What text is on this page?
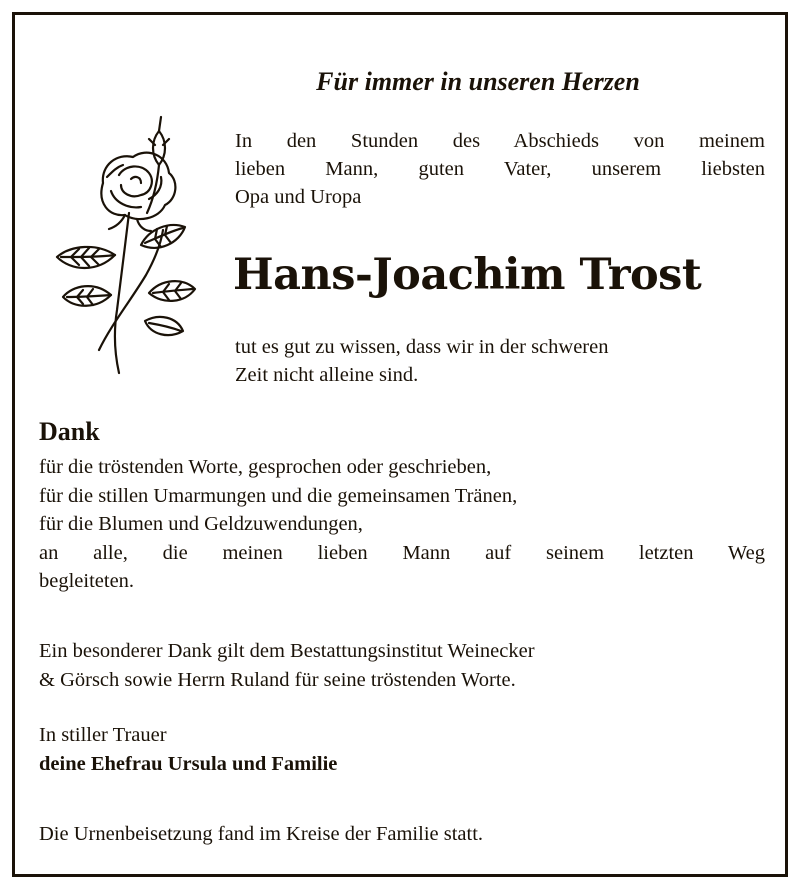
Für immer in unseren Herzen
In den Stunden des Abschieds von meinem
lieben Mann, guten Vater, unserem liebsten
Opa und Uropa
Hans-Joachim Trost
tut es gut zu wissen, dass wir in der schweren
Zeit nicht alleine sind.
Dank
für die tröstenden Worte, gesprochen oder geschrieben,
für die stillen Umarmungen und die gemeinsamen Tränen,
für die Blumen und Geldzuwendungen,
an alle, die meinen lieben Mann auf seinem letzten Weg
begleiteten.
Ein besonderer Dank gilt dem Bestattungsinstitut Weinecker
& Görsch sowie Herrn Ruland für seine tröstenden Worte.
In stiller Trauer
deine Ehefrau Ursula und Familie
Die Urnenbeisetzung fand im Kreise der Familie statt.
